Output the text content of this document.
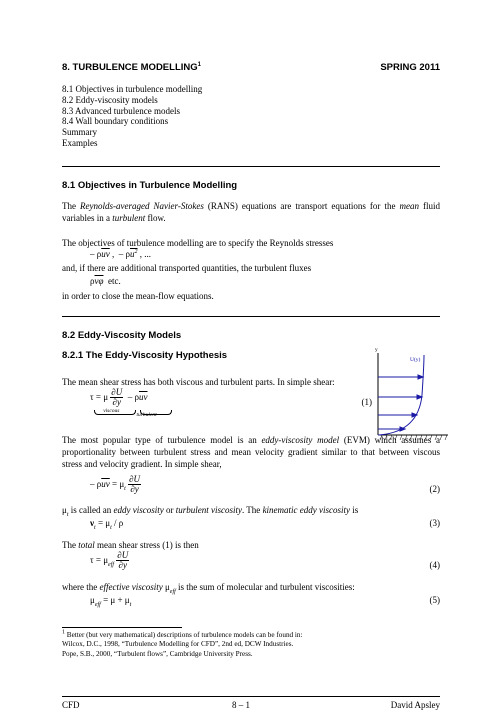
8. TURBULENCE MODELLING$^1$	SPRING 2011
8.1 Objectives in turbulence modelling
8.2 Eddy-viscosity models
8.3 Advanced turbulence models
8.4 Wall boundary conditions
Summary
Examples
8.1 Objectives in Turbulence Modelling
The Reynolds-averaged Navier-Stokes (RANS) equations are transport equations for the mean fluid variables in a turbulent flow.
The objectives of turbulence modelling are to specify the Reynolds stresses
– $\rho\overline{uv}$ ,  – $\rho u^2$ , ...
and, if there are additional transported quantities, the turbulent fluxes
$\rho\overline{v\varphi}$ etc.
in order to close the mean-flow equations.
8.2 Eddy-Viscosity Models
8.2.1 The Eddy-Viscosity Hypothesis	y
U(y)
The mean shear stress has both viscous and turbulent parts. In simple shear:
τ = μ $\frac{\partial U}{\partial y}$
viscous
– $\rho\overline{uv}$
turbulent
(1)
The most popular type of turbulence model is an eddy-viscosity model (EVM) which assumes a proportionality between turbulent stress and mean velocity gradient similar to that between viscous stress and velocity gradient. In simple shear,
– $\rho\overline{uv} = \mu_t \frac{\partial U}{\partial y}$	(2)
$\mu_t$ is called an eddy viscosity or turbulent viscosity. The kinematic eddy viscosity is
$\nu_t = \mu_t / \rho$	(3)
The total mean shear stress (1) is then
$\tau = \mu_{eff} \frac{\partial U}{\partial y}$	(4)
where the effective viscosity $\mu_{eff}$ is the sum of molecular and turbulent viscosities:
$\mu_{eff} = \mu + \mu_t$	(5)
$^1$ Better (but very mathematical) descriptions of turbulence models can be found in:
Wilcox, D.C., 1998, “Turbulence Modelling for CFD”, 2nd ed, DCW Industries.
Pope, S.B., 2000, “Turbulent flows”, Cambridge University Press.
CFD	8 – 1	David Apsley
